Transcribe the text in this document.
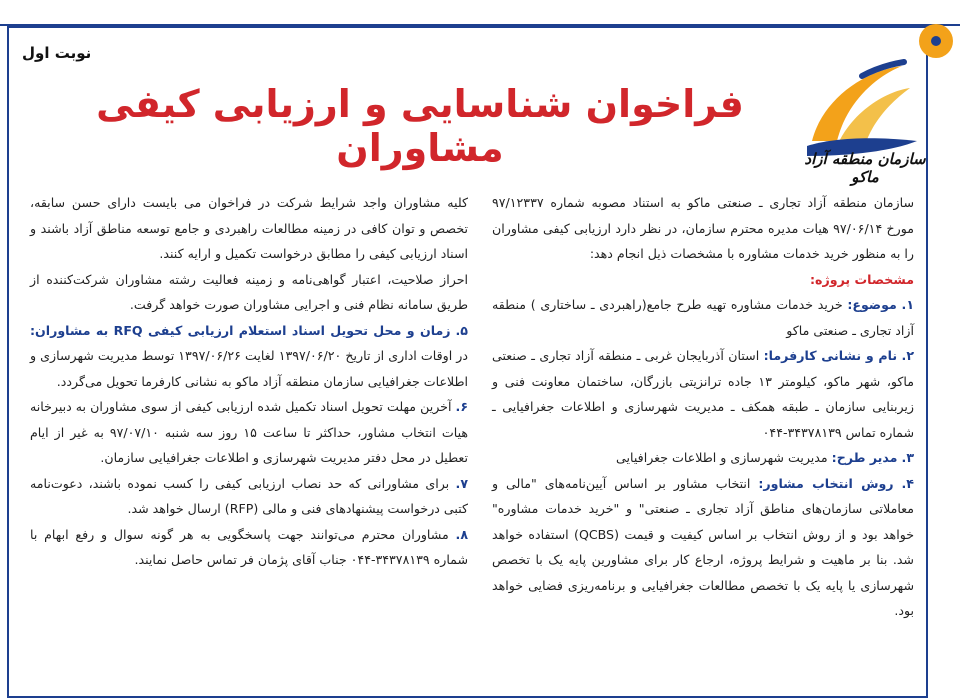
نوبت اول
فراخوان شناسایی و ارزیابی کیفی مشاوران	سازمان منطقه آزاد ماکو

سازمان منطقه آزاد تجاری ـ صنعتی ماکو به استناد مصوبه شماره ۹۷/۱۲۳۳۷ مورخ ۹۷/۰۶/۱۴ هیات مدیره محترم سازمان، در نظر دارد ارزیابی کیفی مشاوران را به منظور خرید خدمات مشاوره با مشخصات ذیل انجام دهد:

مشخصات پروژه:

۱. موضوع: خرید خدمات مشاوره تهیه طرح جامع(راهبردی ـ ساختاری ) منطقه آزاد تجاری ـ صنعتی ماکو

۲. نام و نشانی کارفرما: استان آذربایجان غربی ـ منطقه آزاد تجاری ـ صنعتی ماکو، شهر ماکو، کیلومتر ۱۳ جاده ترانزیتی بازرگان، ساختمان معاونت فنی و زیربنایی سازمان ـ طبقه همکف ـ مدیریت شهرسازی و اطلاعات جغرافیایی ـ شماره تماس ۳۴۳۷۸۱۳۹-۰۴۴

۳. مدیر طرح: مدیریت شهرسازی و اطلاعات جغرافیایی

۴. روش انتخاب مشاور: انتخاب مشاور بر اساس آیین‌نامه‌های "مالی و معاملاتی سازمان‌های مناطق آزاد تجاری ـ صنعتی" و "خرید خدمات مشاوره" خواهد بود و از روش انتخاب بر اساس کیفیت و قیمت (QCBS) استفاده خواهد شد. بنا بر ماهیت و شرایط پروژه، ارجاع کار برای مشاورین پایه یک با تخصص شهرسازی یا پایه یک با تخصص مطالعات جغرافیایی و برنامه‌ریزی فضایی خواهد بود.

کلیه مشاوران واجد شرایط شرکت در فراخوان می بایست دارای حسن سابقه، تخصص و توان کافی در زمینه مطالعات راهبردی و جامع توسعه مناطق آزاد باشند و اسناد ارزیابی کیفی را مطابق درخواست تکمیل و ارایه کنند.

احراز صلاحیت، اعتبار گواهی‌نامه و زمینه فعالیت رشته مشاوران شرکت‌کننده از طریق سامانه نظام فنی و اجرایی مشاوران صورت خواهد گرفت.

۵. زمان و محل تحویل اسناد استعلام ارزیابی کیفی RFQ به مشاوران: در اوقات اداری از تاریخ ۱۳۹۷/۰۶/۲۰ لغایت ۱۳۹۷/۰۶/۲۶ توسط مدیریت شهرسازی و اطلاعات جغرافیایی سازمان منطقه آزاد ماکو به نشانی کارفرما تحویل می‌گردد.

۶. آخرین مهلت تحویل اسناد تکمیل شده ارزیابی کیفی از سوی مشاوران به دبیرخانه هیات انتخاب مشاور، حداکثر تا ساعت ۱۵ روز سه شنبه ۹۷/۰۷/۱۰ به غیر از ایام تعطیل در محل دفتر مدیریت شهرسازی و اطلاعات جغرافیایی سازمان.

۷. برای مشاورانی که حد نصاب ارزیابی کیفی را کسب نموده باشند، دعوت‌نامه کتبی درخواست پیشنهادهای فنی و مالی (RFP) ارسال خواهد شد.

۸. مشاوران محترم می‌توانند جهت پاسخگویی به هر گونه سوال و رفع ابهام با شماره ۳۴۳۷۸۱۳۹-۰۴۴ جناب آقای پژمان فر تماس حاصل نمایند.
